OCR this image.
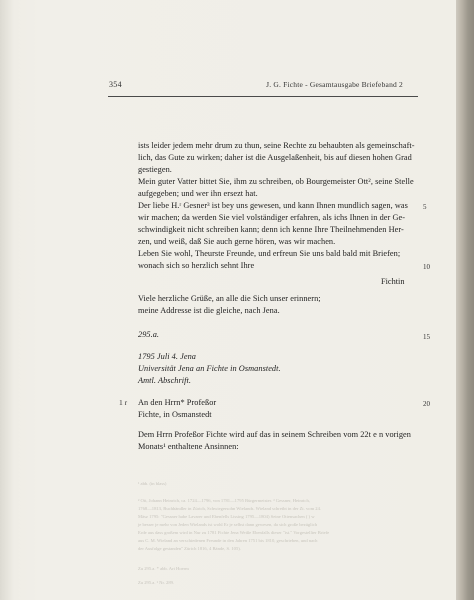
354	J. G. Fichte - Gesamtausgabe Briefeband 2
ists leider jedem mehr drum zu thun, seine Rechte zu behaubten als gemeinschaft-
lich, das Gute zu wirken; daher ist die Ausgelaßenheit, bis auf diesen hohen Grad
gestiegen.
Mein guter Vatter bittet Sie, ihm zu schreiben, ob Bourgemeister Ott², seine Stelle
aufgegeben; und wer ihn ersezt hat.
Der liebe H.ʳ Gesner³ ist bey uns gewesen, und kann Ihnen mundlich sagen, was
wir machen; da werden Sie viel volständiger erfahren, als ichs Ihnen in der Ge-
schwindigkeit nicht schreiben kann; denn ich kenne Ihre Theilnehmenden Her-
zen, und weiß, daß Sie auch gerne hören, was wir machen.
Leben Sie wohl, Theurste Freunde, und erfreun Sie uns bald bald mit Briefen;
wonach sich so herzlich sehnt Ihre
Fichtin
Viele herzliche Grüße, an alle die Sich unser erinnern;
meine Addresse ist die gleiche, nach Jena.
295.a.
1795 Juli 4. Jena
Universität Jena an Fichte in Osmanstedt.
Amtl. Abschrift.
1 r An den Hrrn* Profeßor
Fichte, in Osmanstedt
Dem Hrrn Profeßor Fichte wird auf das in seinem Schreiben vom 22t e n vorigen
Monats¹ enthaltene Ansinnen:
5
10
15
20
¹ abb. (in blass)
² Ott, Johann Heinrich, ca. 1724—1796, von 1781—1795 Bürgermeister. ³ Gessner, Heinrich,
1768—1813, Buchhändler in Zürich, Schwiegersohn Wielands. Wieland schreibt in der Zt. vom 24.
Mäsz 1795: "Gessner habe Lavarer und Ebenfells Lissing 1795—1804) Seine Ottensachen ( ) w
je besser je mehr von Jeden Wielands ist wohl Er je selbst dann gewesen, da sich große bezüglich
Erde aus dass großem wird in Nur zu 1781 Fichte Jena Weiße Ebenfalls dieser "ist." Vorgestellter Briefe
aus C. M. Wieland an verschiedenen Freunde in den Jahren 1751 bis 1810, geschrieben, und nach
der Ausfolge gestanden" Zürich 1816, 4 Bände, S. 105).
Zu 295.a. * abb. Art Hoerm
Zu 295.a. ¹ Nr. 289.
